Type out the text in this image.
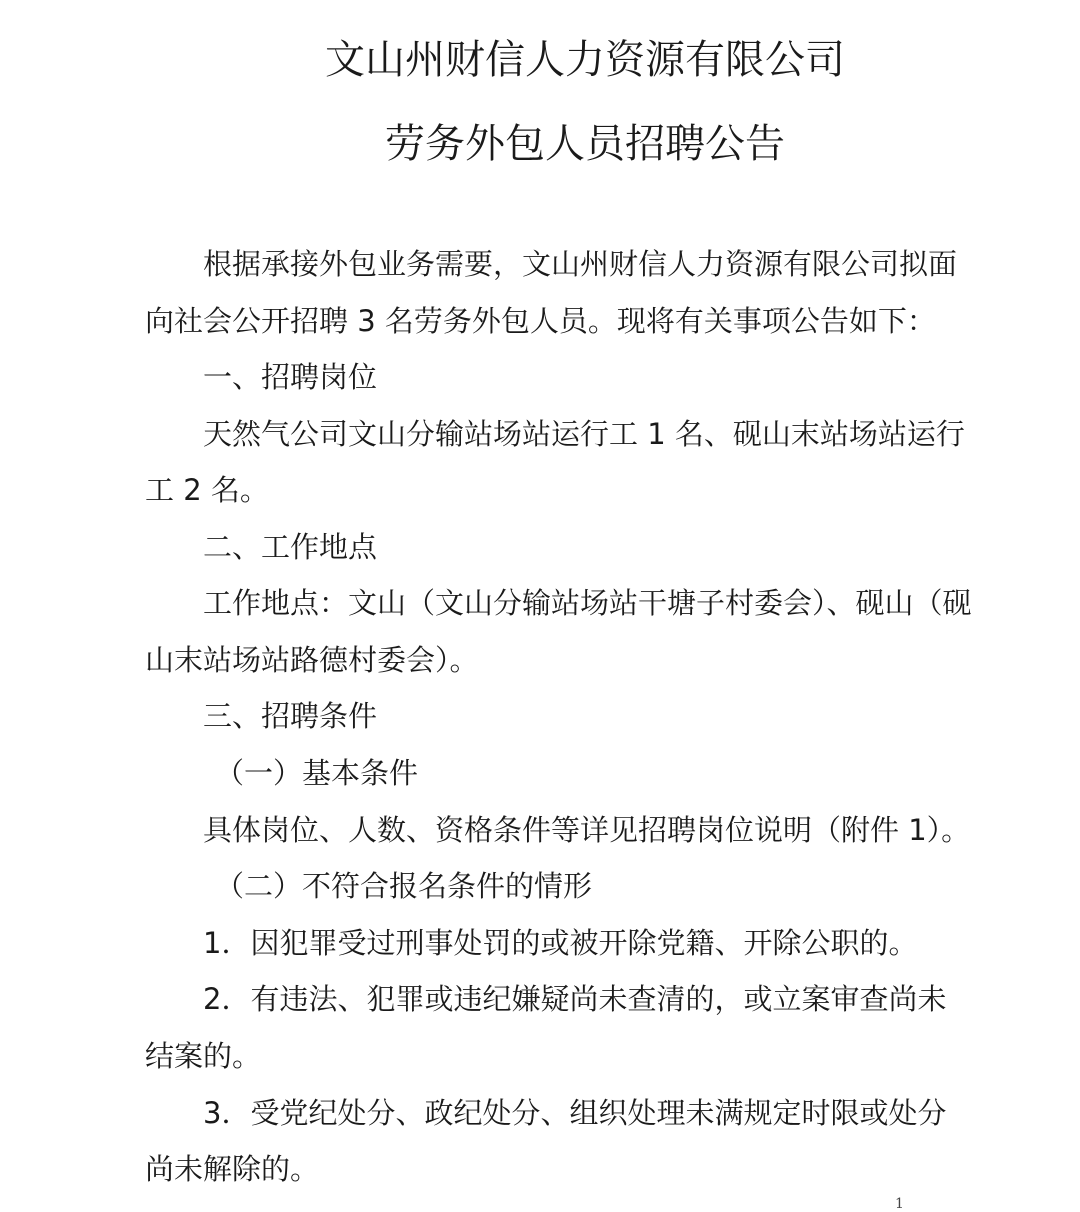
文山州财信人力资源有限公司
劳务外包人员招聘公告
根据承接外包业务需要，文山州财信人力资源有限公司拟面
向社会公开招聘 3 名劳务外包人员。现将有关事项公告如下：
一、招聘岗位
天然气公司文山分输站场站运行工 1 名、砚山末站场站运行
工 2 名。
二、工作地点
工作地点：文山（文山分输站场站干塘子村委会）、砚山（砚
山末站场站路德村委会）。
三、招聘条件
（一）基本条件
具体岗位、人数、资格条件等详见招聘岗位说明（附件 1）。
（二）不符合报名条件的情形
1．因犯罪受过刑事处罚的或被开除党籍、开除公职的。
2．有违法、犯罪或违纪嫌疑尚未查清的，或立案审查尚未
结案的。
3．受党纪处分、政纪处分、组织处理未满规定时限或处分
尚未解除的。
1
